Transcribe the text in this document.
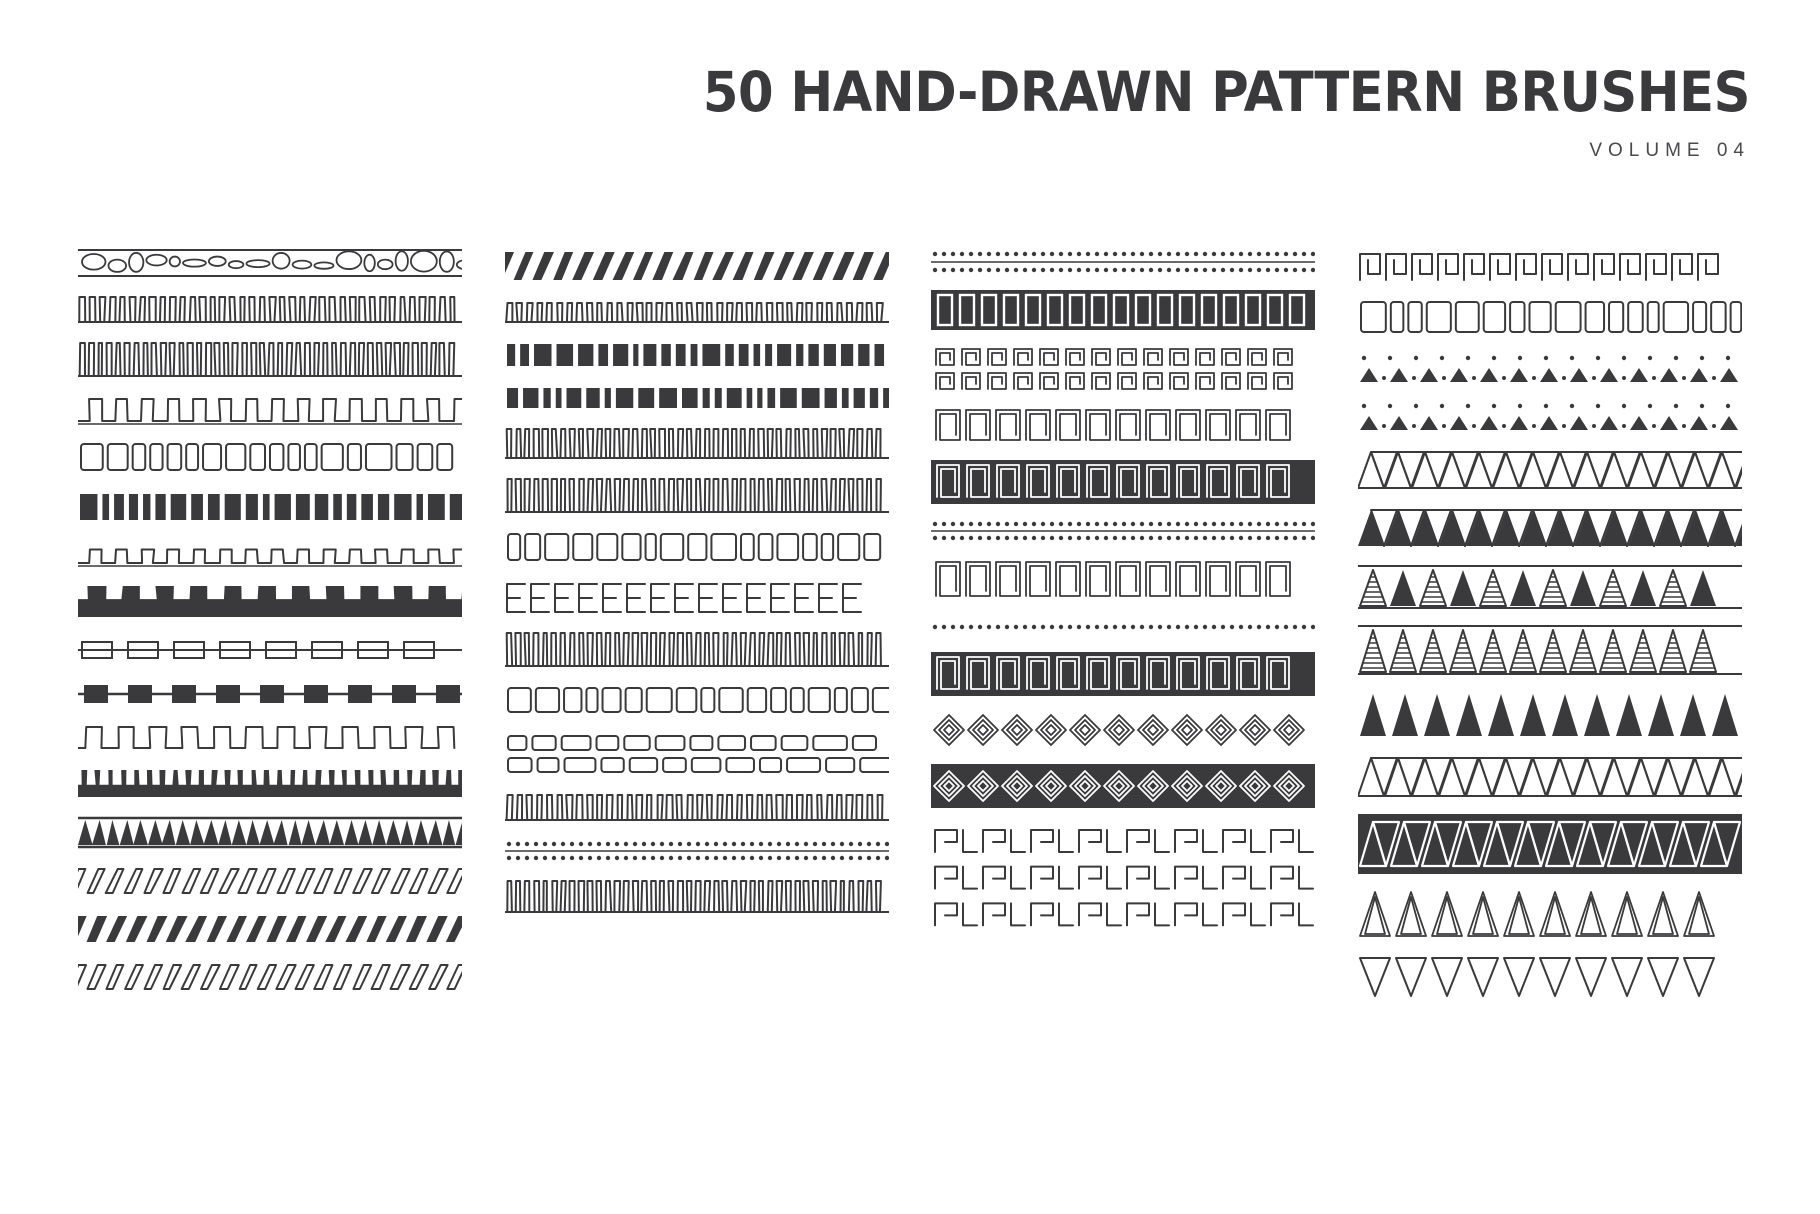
50 HAND-DRAWN PATTERN BRUSHES
VOLUME 04
